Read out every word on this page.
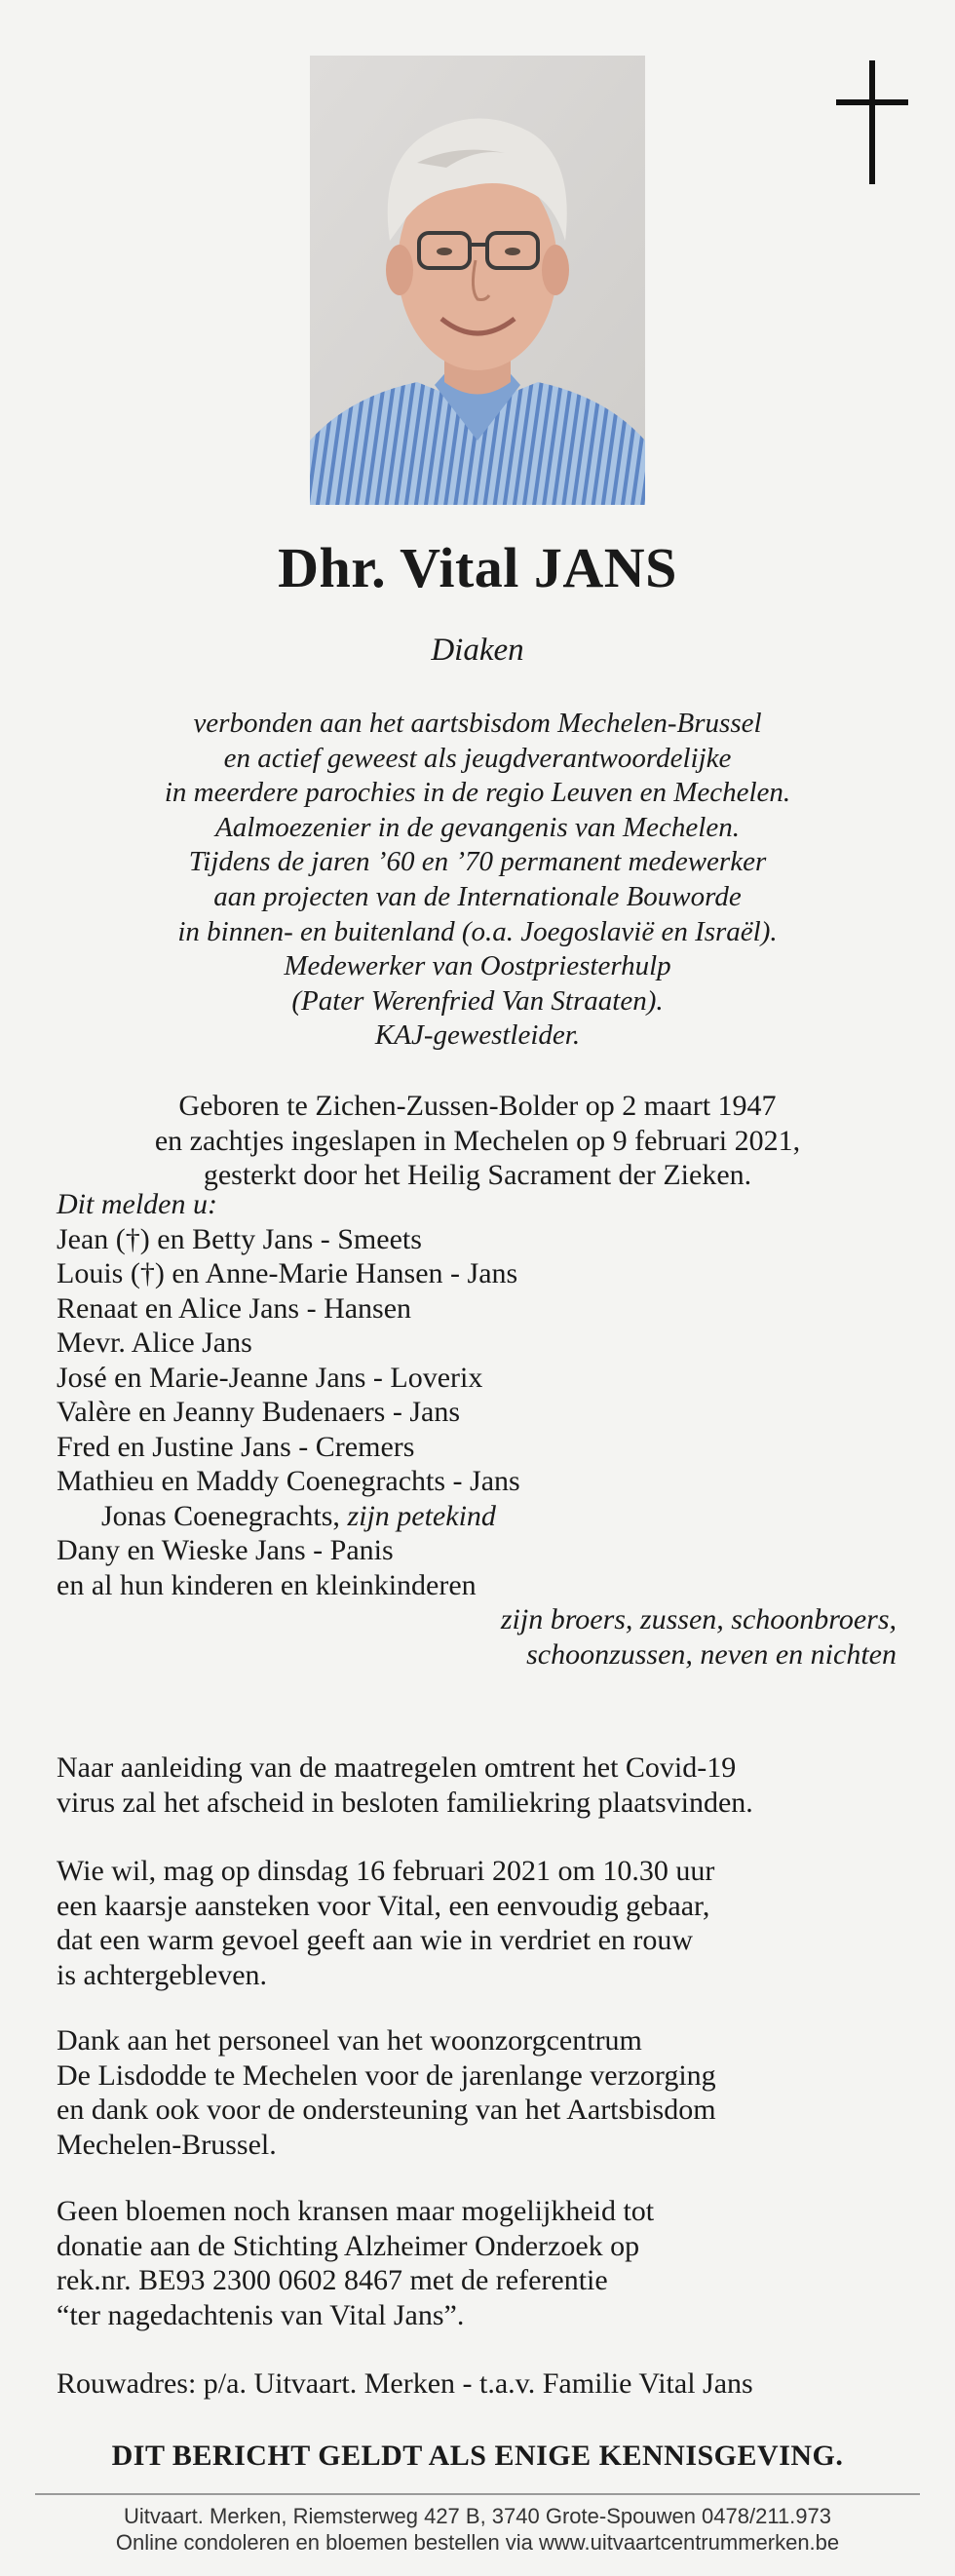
Dhr. Vital JANS
Diaken
verbonden aan het aartsbisdom Mechelen-Brussel
en actief geweest als jeugdverantwoordelijke
in meerdere parochies in de regio Leuven en Mechelen.
Aalmoezenier in de gevangenis van Mechelen.
Tijdens de jaren ’60 en ’70 permanent medewerker
aan projecten van de Internationale Bouworde
in binnen- en buitenland (o.a. Joegoslavië en Israël).
Medewerker van Oostpriesterhulp
(Pater Werenfried Van Straaten).
KAJ-gewestleider.
Geboren te Zichen-Zussen-Bolder op 2 maart 1947
en zachtjes ingeslapen in Mechelen op 9 februari 2021,
gesterkt door het Heilig Sacrament der Zieken.
Dit melden u:
Jean (†) en Betty Jans - Smeets
Louis (†) en Anne-Marie Hansen - Jans
Renaat en Alice Jans - Hansen
Mevr. Alice Jans
José en Marie-Jeanne Jans - Loverix
Valère en Jeanny Budenaers - Jans
Fred en Justine Jans - Cremers
Mathieu en Maddy Coenegrachts - Jans
Jonas Coenegrachts, zijn petekind
Dany en Wieske Jans - Panis
en al hun kinderen en kleinkinderen
zijn broers, zussen, schoonbroers,
schoonzussen, neven en nichten
Naar aanleiding van de maatregelen omtrent het Covid-19
virus zal het afscheid in besloten familiekring plaatsvinden.
Wie wil, mag op dinsdag 16 februari 2021 om 10.30 uur
een kaarsje aansteken voor Vital, een eenvoudig gebaar,
dat een warm gevoel geeft aan wie in verdriet en rouw
is achtergebleven.
Dank aan het personeel van het woonzorgcentrum
De Lisdodde te Mechelen voor de jarenlange verzorging
en dank ook voor de ondersteuning van het Aartsbisdom
Mechelen-Brussel.
Geen bloemen noch kransen maar mogelijkheid tot
donatie aan de Stichting Alzheimer Onderzoek op
rek.nr. BE93 2300 0602 8467 met de referentie
“ter nagedachtenis van Vital Jans”.
Rouwadres: p/a. Uitvaart. Merken - t.a.v. Familie Vital Jans
DIT BERICHT GELDT ALS ENIGE KENNISGEVING.
Uitvaart. Merken, Riemsterweg 427 B, 3740 Grote-Spouwen 0478/211.973
Online condoleren en bloemen bestellen via www.uitvaartcentrummerken.be
